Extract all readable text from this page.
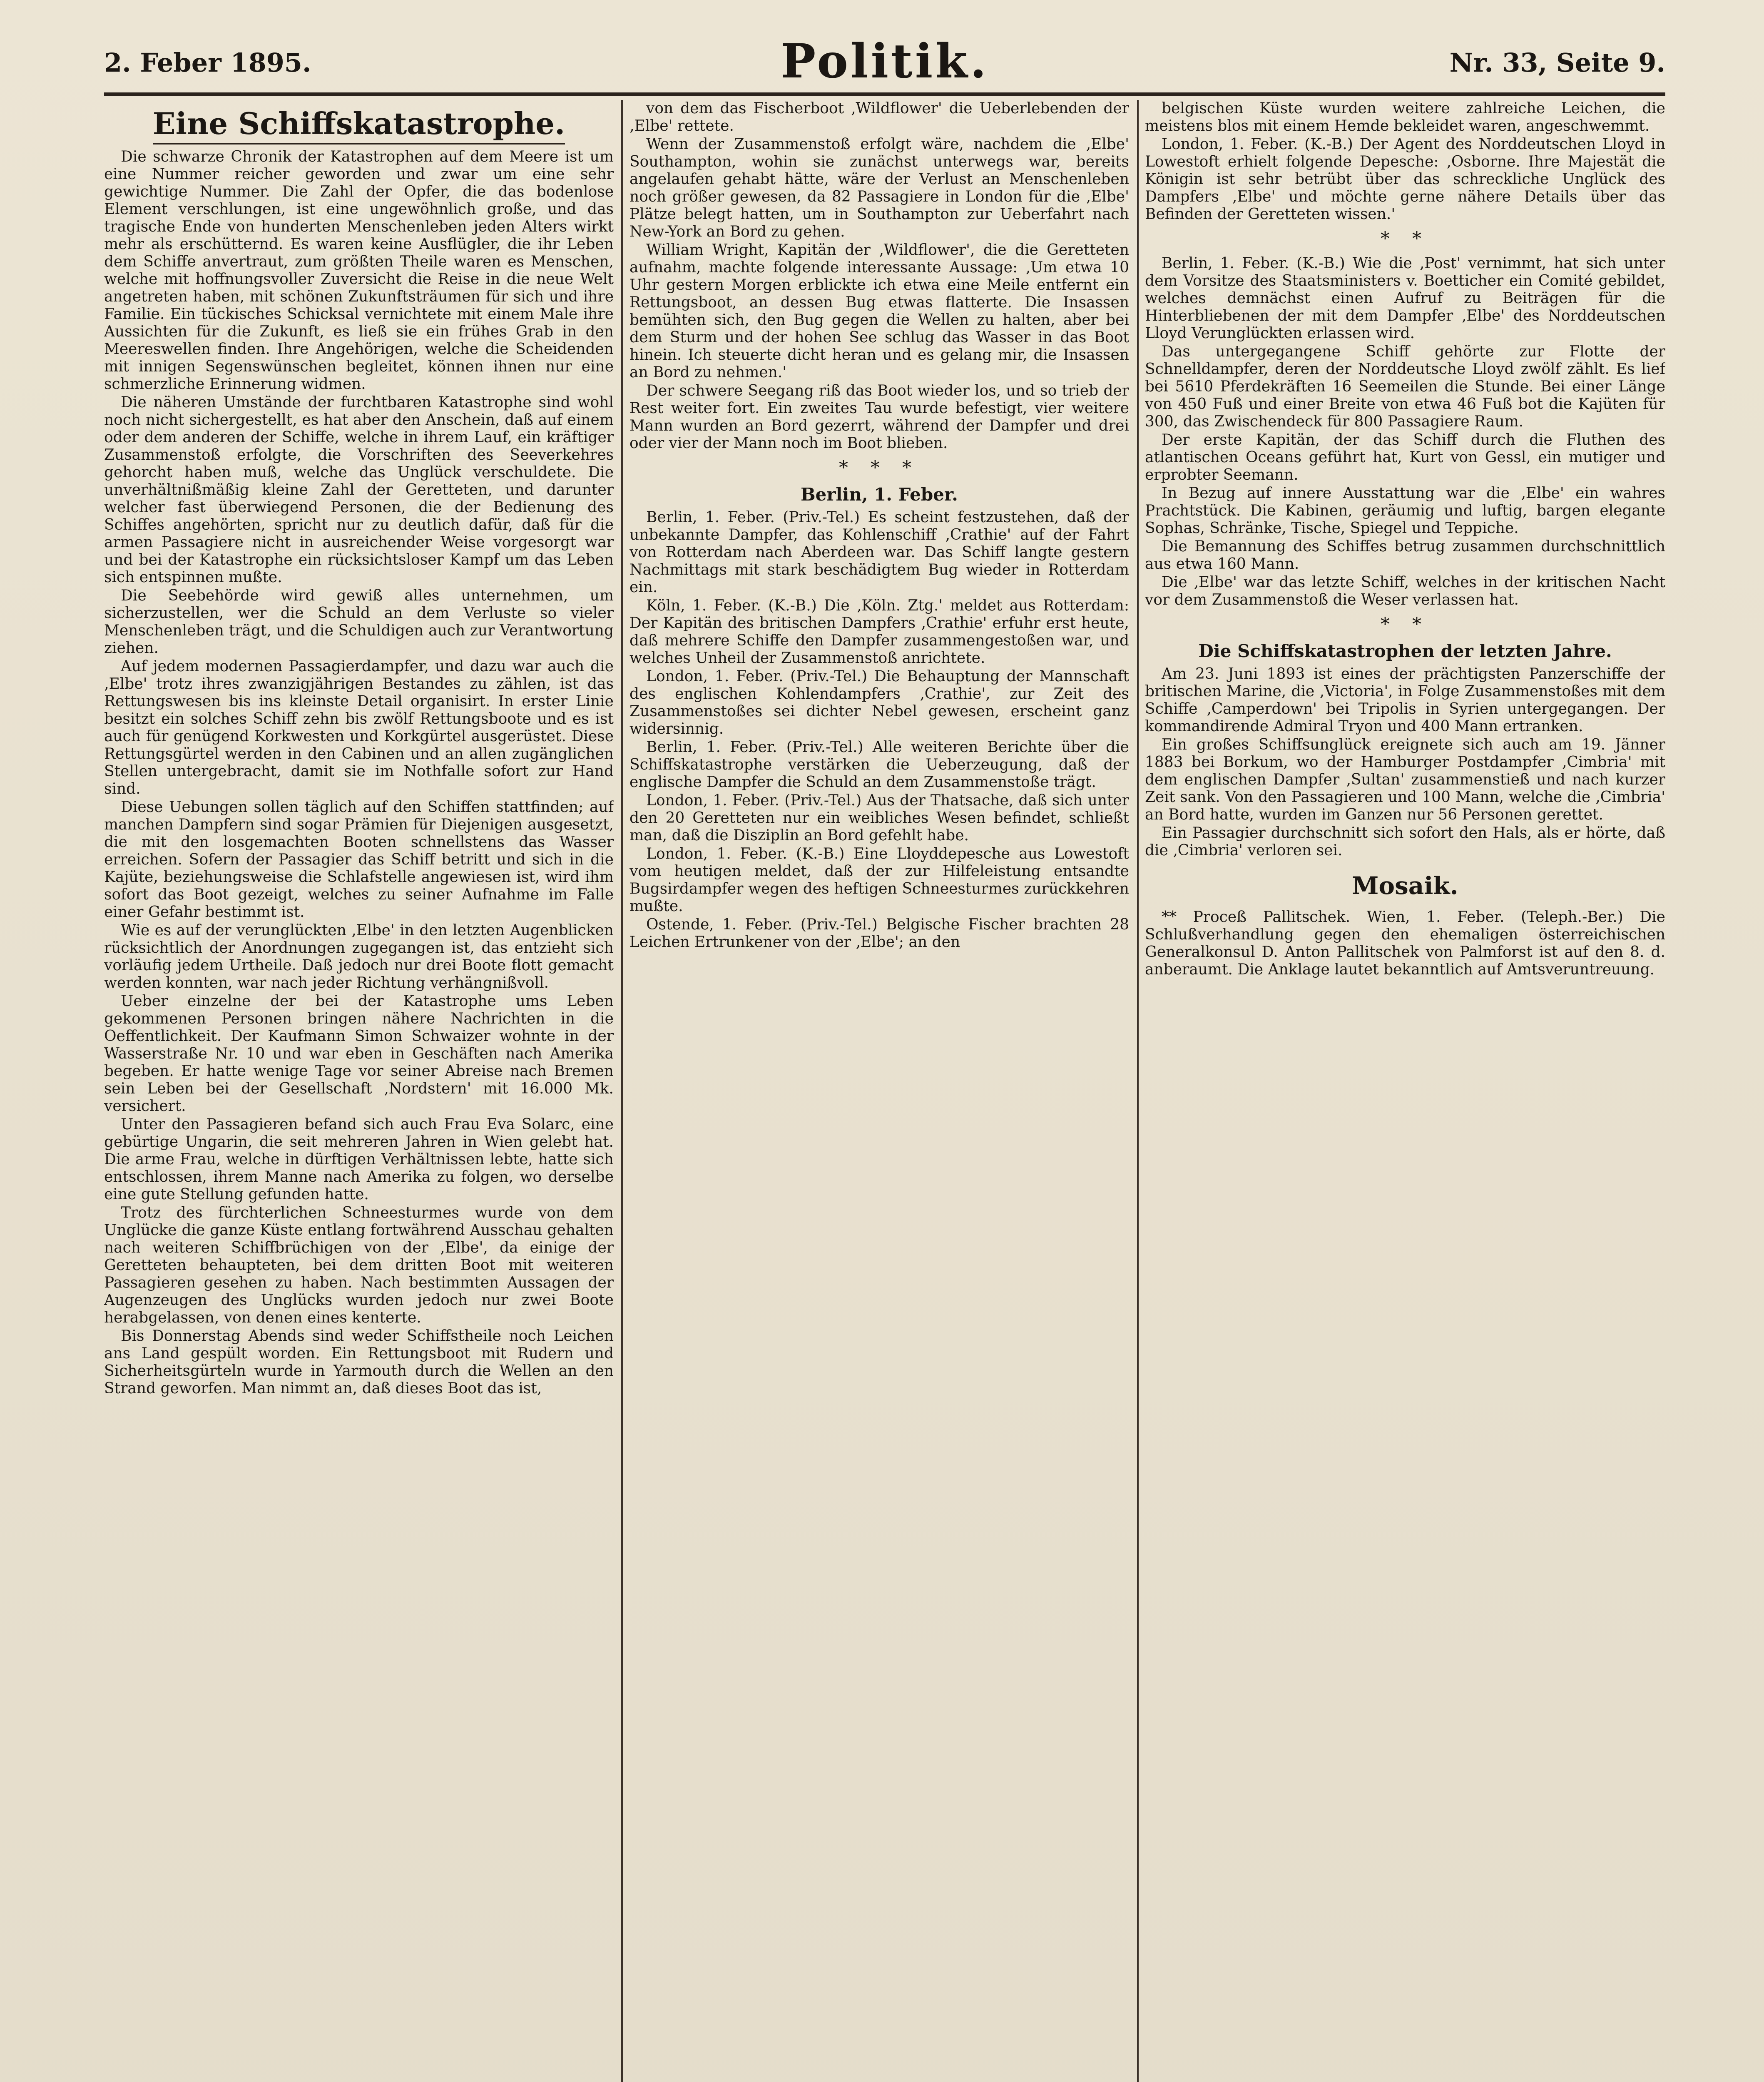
2. Feber 1895.	Politik.	Nr. 33, Seite 9.
Eine Schiffskatastrophe.

Die schwarze Chronik der Katastrophen auf dem Meere ist um eine Nummer reicher geworden und zwar um eine sehr gewichtige Nummer. Die Zahl der Opfer, die das bodenlose Element verschlungen, ist eine ungewöhnlich große, und das tragische Ende von hunderten Menschenleben jeden Alters wirkt mehr als erschütternd. Es waren keine Ausflügler, die ihr Leben dem Schiffe anvertraut, zum größten Theile waren es Menschen, welche mit hoffnungsvoller Zuversicht die Reise in die neue Welt angetreten haben, mit schönen Zukunftsträumen für sich und ihre Familie. Ein tückisches Schicksal vernichtete mit einem Male ihre Aussichten für die Zukunft, es ließ sie ein frühes Grab in den Meereswellen finden. Ihre Angehörigen, welche die Scheidenden mit innigen Segenswünschen begleitet, können ihnen nur eine schmerzliche Erinnerung widmen.

Die näheren Umstände der furchtbaren Katastrophe sind wohl noch nicht sichergestellt, es hat aber den Anschein, daß auf einem oder dem anderen der Schiffe, welche in ihrem Lauf, ein kräftiger Zusammenstoß erfolgte, die Vorschriften des Seeverkehres gehorcht haben muß, welche das Unglück verschuldete. Die unverhältnißmäßig kleine Zahl der Geretteten, und darunter welcher fast überwiegend Personen, die der Bedienung des Schiffes angehörten, spricht nur zu deutlich dafür, daß für die armen Passagiere nicht in ausreichender Weise vorgesorgt war und bei der Katastrophe ein rücksichtsloser Kampf um das Leben sich entspinnen mußte.

Die Seebehörde wird gewiß alles unternehmen, um sicherzustellen, wer die Schuld an dem Verluste so vieler Menschenleben trägt, und die Schuldigen auch zur Verantwortung ziehen.

Auf jedem modernen Passagierdampfer, und dazu war auch die ‚Elbe' trotz ihres zwanzigjährigen Bestandes zu zählen, ist das Rettungswesen bis ins kleinste Detail organisirt. In erster Linie besitzt ein solches Schiff zehn bis zwölf Rettungsboote und es ist auch für genügend Korkwesten und Korkgürtel ausgerüstet. Diese Rettungsgürtel werden in den Cabinen und an allen zugänglichen Stellen untergebracht, damit sie im Nothfalle sofort zur Hand sind.

Diese Uebungen sollen täglich auf den Schiffen stattfinden; auf manchen Dampfern sind sogar Prämien für Diejenigen ausgesetzt, die mit den losgemachten Booten schnellstens das Wasser erreichen. Sofern der Passagier das Schiff betritt und sich in die Kajüte, beziehungsweise die Schlafstelle angewiesen ist, wird ihm sofort das Boot gezeigt, welches zu seiner Aufnahme im Falle einer Gefahr bestimmt ist.

Wie es auf der verunglückten ‚Elbe' in den letzten Augenblicken rücksichtlich der Anordnungen zugegangen ist, das entzieht sich vorläufig jedem Urtheile. Daß jedoch nur drei Boote flott gemacht werden konnten, war nach jeder Richtung verhängnißvoll.

Ueber einzelne der bei der Katastrophe ums Leben gekommenen Personen bringen nähere Nachrichten in die Oeffentlichkeit. Der Kaufmann Simon Schwaizer wohnte in der Wasserstraße Nr. 10 und war eben in Geschäften nach Amerika begeben. Er hatte wenige Tage vor seiner Abreise nach Bremen sein Leben bei der Gesellschaft ‚Nordstern' mit 16.000 Mk. versichert.

Unter den Passagieren befand sich auch Frau Eva Solarc, eine gebürtige Ungarin, die seit mehreren Jahren in Wien gelebt hat. Die arme Frau, welche in dürftigen Verhältnissen lebte, hatte sich entschlossen, ihrem Manne nach Amerika zu folgen, wo derselbe eine gute Stellung gefunden hatte.

Trotz des fürchterlichen Schneesturmes wurde von dem Unglücke die ganze Küste entlang fortwährend Ausschau gehalten nach weiteren Schiffbrüchigen von der ‚Elbe', da einige der Geretteten behaupteten, bei dem dritten Boot mit weiteren Passagieren gesehen zu haben. Nach bestimmten Aussagen der Augenzeugen des Unglücks wurden jedoch nur zwei Boote herabgelassen, von denen eines kenterte.

Bis Donnerstag Abends sind weder Schiffstheile noch Leichen ans Land gespült worden. Ein Rettungsboot mit Rudern und Sicherheitsgürteln wurde in Yarmouth durch die Wellen an den Strand geworfen. Man nimmt an, daß dieses Boot das ist,

von dem das Fischerboot ‚Wildflower' die Ueberlebenden der ‚Elbe' rettete.

Wenn der Zusammenstoß erfolgt wäre, nachdem die ‚Elbe' Southampton, wohin sie zunächst unterwegs war, bereits angelaufen gehabt hätte, wäre der Verlust an Menschenleben noch größer gewesen, da 82 Passagiere in London für die ‚Elbe' Plätze belegt hatten, um in Southampton zur Ueberfahrt nach New-York an Bord zu gehen.

William Wright, Kapitän der ‚Wildflower', die die Geretteten aufnahm, machte folgende interessante Aussage: ‚Um etwa 10 Uhr gestern Morgen erblickte ich etwa eine Meile entfernt ein Rettungsboot, an dessen Bug etwas flatterte. Die Insassen bemühten sich, den Bug gegen die Wellen zu halten, aber bei dem Sturm und der hohen See schlug das Wasser in das Boot hinein. Ich steuerte dicht heran und es gelang mir, die Insassen an Bord zu nehmen.'

Der schwere Seegang riß das Boot wieder los, und so trieb der Rest weiter fort. Ein zweites Tau wurde befestigt, vier weitere Mann wurden an Bord gezerrt, während der Dampfer und drei oder vier der Mann noch im Boot blieben.

* * *
Berlin, 1. Feber.

Berlin, 1. Feber. (Priv.-Tel.) Es scheint festzustehen, daß der unbekannte Dampfer, das Kohlenschiff ‚Crathie' auf der Fahrt von Rotterdam nach Aberdeen war. Das Schiff langte gestern Nachmittags mit stark beschädigtem Bug wieder in Rotterdam ein.

Köln, 1. Feber. (K.-B.) Die ‚Köln. Ztg.' meldet aus Rotterdam: Der Kapitän des britischen Dampfers ‚Crathie' erfuhr erst heute, daß mehrere Schiffe den Dampfer zusammengestoßen war, und welches Unheil der Zusammenstoß anrichtete.

London, 1. Feber. (Priv.-Tel.) Die Behauptung der Mannschaft des englischen Kohlendampfers ‚Crathie', zur Zeit des Zusammenstoßes sei dichter Nebel gewesen, erscheint ganz widersinnig.

Berlin, 1. Feber. (Priv.-Tel.) Alle weiteren Berichte über die Schiffskatastrophe verstärken die Ueberzeugung, daß der englische Dampfer die Schuld an dem Zusammenstoße trägt.

London, 1. Feber. (Priv.-Tel.) Aus der Thatsache, daß sich unter den 20 Geretteten nur ein weibliches Wesen befindet, schließt man, daß die Disziplin an Bord gefehlt habe.

London, 1. Feber. (K.-B.) Eine Lloyddepesche aus Lowestoft vom heutigen meldet, daß der zur Hilfeleistung entsandte Bugsirdampfer wegen des heftigen Schneesturmes zurückkehren mußte.

Ostende, 1. Feber. (Priv.-Tel.) Belgische Fischer brachten 28 Leichen Ertrunkener von der ‚Elbe'; an den

belgischen Küste wurden weitere zahlreiche Leichen, die meistens blos mit einem Hemde bekleidet waren, angeschwemmt.

London, 1. Feber. (K.-B.) Der Agent des Norddeutschen Lloyd in Lowestoft erhielt folgende Depesche: ‚Osborne. Ihre Majestät die Königin ist sehr betrübt über das schreckliche Unglück des Dampfers ‚Elbe' und möchte gerne nähere Details über das Befinden der Geretteten wissen.'

* *

Berlin, 1. Feber. (K.-B.) Wie die ‚Post' vernimmt, hat sich unter dem Vorsitze des Staatsministers v. Boetticher ein Comité gebildet, welches demnächst einen Aufruf zu Beiträgen für die Hinterbliebenen der mit dem Dampfer ‚Elbe' des Norddeutschen Lloyd Verunglückten erlassen wird.

Das untergegangene Schiff gehörte zur Flotte der Schnelldampfer, deren der Norddeutsche Lloyd zwölf zählt. Es lief bei 5610 Pferdekräften 16 Seemeilen die Stunde. Bei einer Länge von 450 Fuß und einer Breite von etwa 46 Fuß bot die Kajüten für 300, das Zwischendeck für 800 Passagiere Raum.

Der erste Kapitän, der das Schiff durch die Fluthen des atlantischen Oceans geführt hat, Kurt von Gessl, ein mutiger und erprobter Seemann.

In Bezug auf innere Ausstattung war die ‚Elbe' ein wahres Prachtstück. Die Kabinen, geräumig und luftig, bargen elegante Sophas, Schränke, Tische, Spiegel und Teppiche.

Die Bemannung des Schiffes betrug zusammen durchschnittlich aus etwa 160 Mann.

Die ‚Elbe' war das letzte Schiff, welches in der kritischen Nacht vor dem Zusammenstoß die Weser verlassen hat.

* *
Die Schiffskatastrophen der letzten Jahre.

Am 23. Juni 1893 ist eines der prächtigsten Panzerschiffe der britischen Marine, die ‚Victoria', in Folge Zusammenstoßes mit dem Schiffe ‚Camperdown' bei Tripolis in Syrien untergegangen. Der kommandirende Admiral Tryon und 400 Mann ertranken.

Ein großes Schiffsunglück ereignete sich auch am 19. Jänner 1883 bei Borkum, wo der Hamburger Postdampfer ‚Cimbria' mit dem englischen Dampfer ‚Sultan' zusammenstieß und nach kurzer Zeit sank. Von den Passagieren und 100 Mann, welche die ‚Cimbria' an Bord hatte, wurden im Ganzen nur 56 Personen gerettet.

Ein Passagier durchschnitt sich sofort den Hals, als er hörte, daß die ‚Cimbria' verloren sei.

Mosaik.

** Proceß Pallitschek. Wien, 1. Feber. (Teleph.-Ber.) Die Schlußverhandlung gegen den ehemaligen österreichischen Generalkonsul D. Anton Pallitschek von Palmforst ist auf den 8. d. anberaumt. Die Anklage lautet bekanntlich auf Amtsveruntreuung.
